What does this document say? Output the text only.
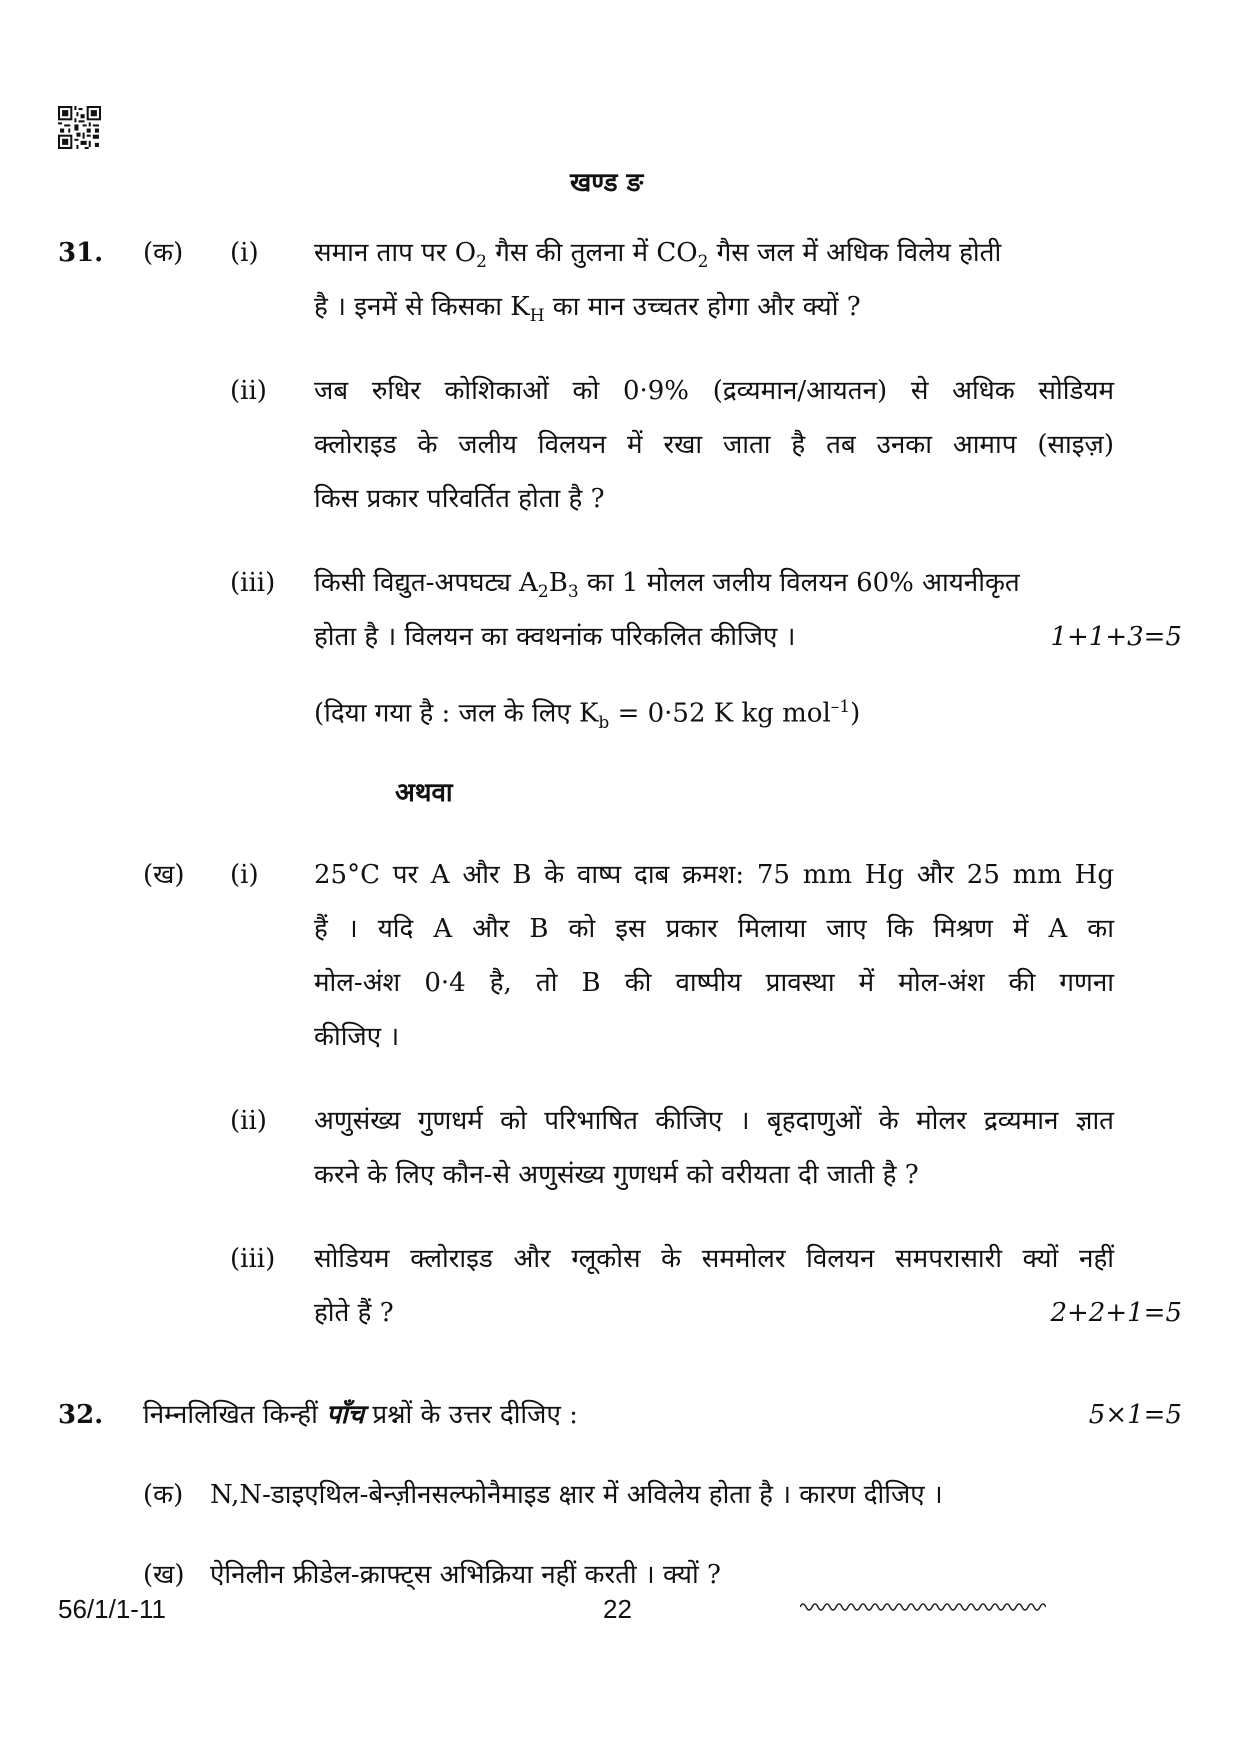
खण्ड ङ
31. (क) (i) समान ताप पर $O_2$ गैस की तुलना में $CO_2$ गैस जल में अधिक विलेय होती
है । इनमें से किसका $K_H$ का मान उच्चतर होगा और क्यों ?
(ii) जब रुधिर कोशिकाओं को 0·9% (द्रव्यमान/आयतन) से अधिक सोडियम
क्लोराइड के जलीय विलयन में रखा जाता है तब उनका आमाप (साइज़)
किस प्रकार परिवर्तित होता है ?
(iii) किसी विद्युत-अपघट्य $A_2B_3$ का 1 मोलल जलीय विलयन 60% आयनीकृत
होता है । विलयन का क्वथनांक परिकलित कीजिए ।	1+1+3=5
(दिया गया है : जल के लिए $K_b = 0\cdot 52$ K kg mol$^{-1}$)
अथवा
(ख) (i) 25°C पर A और B के वाष्प दाब क्रमश: 75 mm Hg और 25 mm Hg
हैं । यदि A और B को इस प्रकार मिलाया जाए कि मिश्रण में A का
मोल-अंश 0·4 है, तो B की वाष्पीय प्रावस्था में मोल-अंश की गणना
कीजिए ।
(ii) अणुसंख्य गुणधर्म को परिभाषित कीजिए । बृहदाणुओं के मोलर द्रव्यमान ज्ञात
करने के लिए कौन-से अणुसंख्य गुणधर्म को वरीयता दी जाती है ?
(iii) सोडियम क्लोराइड और ग्लूकोस के सममोलर विलयन समपरासारी क्यों नहीं
होते हैं ?	2+2+1=5
32. निम्नलिखित किन्हीं पाँच प्रश्नों के उत्तर दीजिए :	5×1=5
(क) N,N-डाइएथिल-बेन्ज़ीनसल्फोनैमाइड क्षार में अविलेय होता है । कारण दीजिए ।
(ख) ऐनिलीन फ्रीडेल-क्राफ्ट्स अभिक्रिया नहीं करती । क्यों ?
56/1/1-11	22
